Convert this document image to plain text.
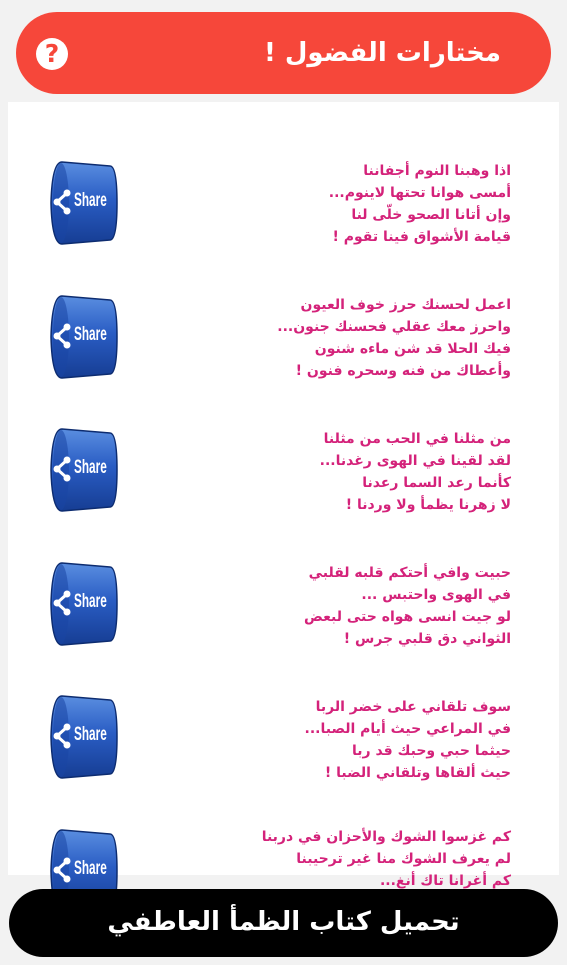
?	مختارات الفضول !
Share
اذا وهبنا النوم أجفاننا
أمسى هوانا تحتها لاينوم...
وإن أتانا الصحو خلّى لنا
قيامة الأشواق فينا تقوم !
Share
اعمل لحسنك حرز خوف العيون
واحرز معك عقلي فحسنك جنون...
فيك الحلا قد شن ماءه شنون
وأعطاك من فنه وسحره فنون !
Share
من مثلنا في الحب من مثلنا
لقد لقينا في الهوى رغدنا...
كأنما رعد السما رعدنا
لا زهرنا يظمأ ولا وردنا !
Share
حبيت وافي أحتكم قلبه لقلبي
في الهوى واحتبس ...
لو جيت انسى هواه حتى لبعض
الثواني دق قلبي جرس !
Share
سوف تلقاني على خضر الربا
في المراعي حيث أيام الصبا...
حيثما حبي وحبك قد ربا
حيث ألقاها وتلقاني الضبا !
Share
كم غزسوا الشوك والأحزان في دربنا
لم يعرف الشوك منا غير ترحيبنا
كم أغرانا تاك أنغ...
تحميل كتاب الظمأ العاطفي
